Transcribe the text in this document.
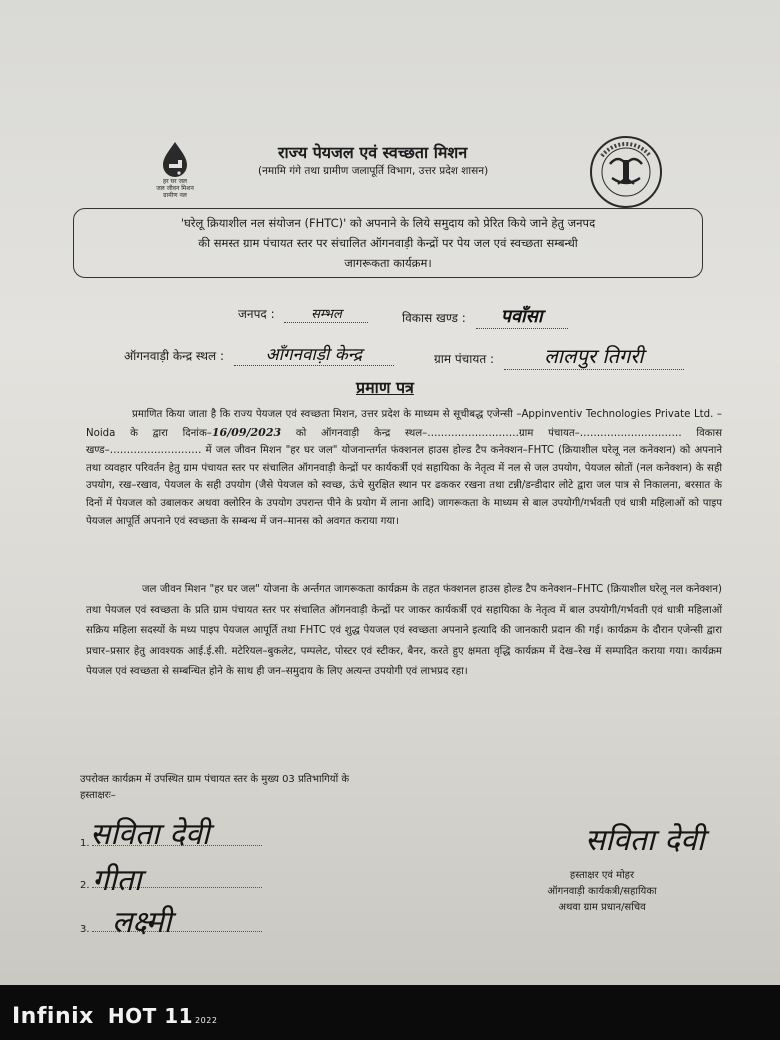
हर घर जल
जल जीवन मिशन
ग्रामीण नल
राज्य पेयजल एवं स्वच्छता मिशन
(नमामि गंगे तथा ग्रामीण जलापूर्ति विभाग, उत्तर प्रदेश शासन)
'घरेलू क्रियाशील नल संयोजन (FHTC)' को अपनाने के लिये समुदाय को प्रेरित किये जाने हेतु जनपद
की समस्त ग्राम पंचायत स्तर पर संचालित ऑगनवाड़ी केन्द्रों पर पेय जल एवं स्वच्छता सम्बन्धी
जागरूकता कार्यक्रम।
जनपद :	सम्भल	विकास खण्ड : पवाँसा
ऑगनवाड़ी केन्द्र स्थल : आँगनवाड़ी केन्द्र	ग्राम पंचायत :	लालपुर तिगरी
प्रमाण पत्र
प्रमाणित किया जाता है कि राज्य पेयजल एवं स्वच्छता मिशन, उत्तर प्रदेश के माध्यम से सूचीबद्ध एजेन्सी –Appinventiv Technologies Private Ltd. – Noida के द्वारा दिनांक–16/09/2023 को ऑगनवाड़ी केन्द्र स्थल–………………………ग्राम पंचायत–………………………… विकास खण्ड–……………………… में जल जीवन मिशन "हर घर जल" योजनान्तर्गत फंक्शनल हाउस होल्ड टैप कनेक्शन–FHTC (क्रियाशील घरेलू नल कनेक्शन) को अपनाने तथा व्यवहार परिवर्तन हेतु ग्राम पंचायत स्तर पर संचालित ऑगनवाड़ी केन्द्रों पर कार्यकर्त्री एवं सहायिका के नेतृत्व में नल से जल उपयोग, पेयजल स्रोतों (नल कनेक्शन) के सही उपयोग, रख–रखाव, पेयजल के सही उपयोग (जैसे पेयजल को स्वच्छ, ऊंचे सुरक्षित स्थान पर ढककर रखना तथा टन्नी/डन्डीदार लोटे द्वारा जल पात्र से निकालना, बरसात के दिनों में पेयजल को उबालकर अथवा क्लोरिन के उपयोग उपरान्त पीने के प्रयोग में लाना आदि) जागरूकता के माध्यम से बाल उपयोगी/गर्भवती एवं धात्री महिलाओं को पाइप पेयजल आपूर्ति अपनाने एवं स्वच्छता के सम्बन्ध में जन–मानस को अवगत कराया गया।
जल जीवन मिशन "हर घर जल" योजना के अर्न्तगत जागरूकता कार्यक्रम के तहत फंक्शनल हाउस होल्ड टैप कनेक्शन–FHTC (क्रियाशील घरेलू नल कनेक्शन) तथा पेयजल एवं स्वच्छता के प्रति ग्राम पंचायत स्तर पर संचालित ऑगनवाड़ी केन्द्रों पर जाकर कार्यकर्त्री एवं सहायिका के नेतृत्व में बाल उपयोगी/गर्भवती एवं धात्री महिलाओं सक्रिय महिला सदस्यों के मध्य पाइप पेयजल आपूर्ति तथा FHTC एवं शुद्ध पेयजल एवं स्वच्छता अपनाने इत्यादि की जानकारी प्रदान की गई। कार्यक्रम के दौरान एजेन्सी द्वारा प्रचार–प्रसार हेतु आवश्यक आई.ई.सी. मटेरियल–बुकलेट, पम्पलेट, पोस्टर एवं स्टीकर, बैनर, करते हुए क्षमता वृद्धि कार्यक्रम मेंं देख–रेख में सम्पादित कराया गया। कार्यक्रम पेयजल एवं स्वच्छता से सम्बन्धित होने के साथ ही जन–समुदाय के लिए अत्यन्त उपयोगी एवं लाभप्रद रहा।
उपरोक्त कार्यक्रम में उपस्थित ग्राम पंचायत स्तर के मुख्य 03 प्रतिभागियों के
हस्ताक्षरः–
1. सविता देवी
2. गीता
3. लक्ष्मी
सविता देवी
हस्ताक्षर एवं मोहर
ऑगनवाड़ी कार्यकत्री/सहायिका
अथवा ग्राम प्रधान/सचिव
Infinix HOT 11 2022
